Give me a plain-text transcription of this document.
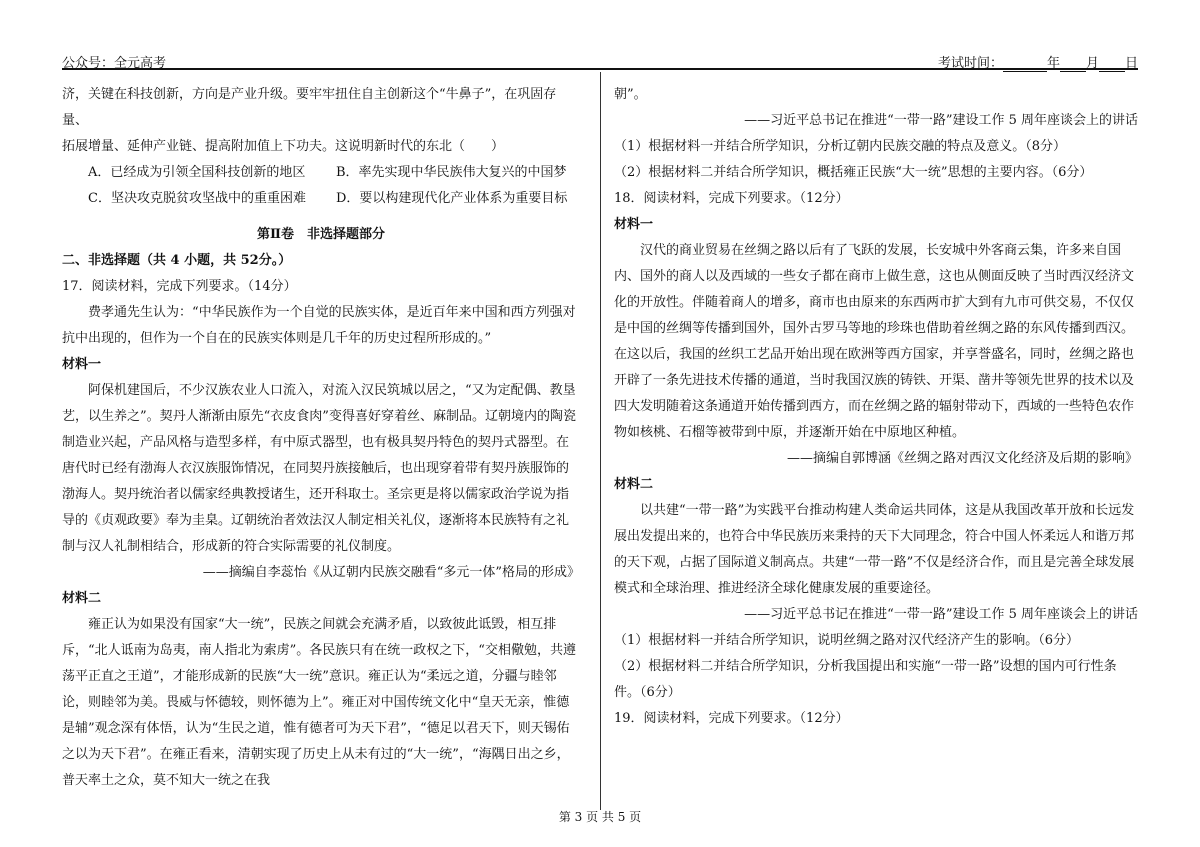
公众号：全元高考	考试时间：	年 月 日

济，关键在科技创新，方向是产业升级。要牢牢扭住自主创新这个“牛鼻子”，在巩固存量、

拓展增量、延伸产业链、提高附加值上下功夫。这说明新时代的东北（　　）

A．已经成为引领全国科技创新的地区	B．率先实现中华民族伟大复兴的中国梦
C．坚决攻克脱贫攻坚战中的重重困难	D．要以构建现代化产业体系为重要目标

第Ⅱ卷　非选择题部分

二、非选择题（共 4 小题，共 52分。）

17．阅读材料，完成下列要求。（14分）

费孝通先生认为：“中华民族作为一个自觉的民族实体，是近百年来中国和西方列强对抗中出现的，但作为一个自在的民族实体则是几千年的历史过程所形成的。”

材料一

阿保机建国后，不少汉族农业人口流入，对流入汉民筑城以居之，“又为定配偶、教垦艺，以生养之”。契丹人渐渐由原先“衣皮食肉”变得喜好穿着丝、麻制品。辽朝境内的陶瓷制造业兴起，产品风格与造型多样，有中原式器型，也有极具契丹特色的契丹式器型。在唐代时已经有渤海人衣汉族服饰情况，在同契丹族接触后，也出现穿着带有契丹族服饰的渤海人。契丹统治者以儒家经典教授诸生，还开科取士。圣宗更是将以儒家政治学说为指导的《贞观政要》奉为圭臬。辽朝统治者效法汉人制定相关礼仪，逐渐将本民族特有之礼制与汉人礼制相结合，形成新的符合实际需要的礼仪制度。

——摘编自李蕊怡《从辽朝内民族交融看“多元一体”格局的形成》

材料二

雍正认为如果没有国家“大一统”，民族之间就会充满矛盾，以致彼此诋毁，相互排斥，“北人诋南为岛夷，南人指北为索虏”。各民族只有在统一政权之下，“交相儆勉，共遵荡平正直之王道”，才能形成新的民族“大一统”意识。雍正认为“柔远之道，分疆与睦邻论，则睦邻为美。畏威与怀德较，则怀德为上”。雍正对中国传统文化中“皇天无亲，惟德是辅”观念深有体悟，认为“生民之道，惟有德者可为天下君”，“德足以君天下，则天锡佑之以为天下君”。在雍正看来，清朝实现了历史上从未有过的“大一统”，“海隅日出之乡，普天率土之众，莫不知大一统之在我

朝”。

——习近平总书记在推进“一带一路”建设工作 5 周年座谈会上的讲话

（1）根据材料一并结合所学知识，分析辽朝内民族交融的特点及意义。（8分）

（2）根据材料二并结合所学知识，概括雍正民族“大一统”思想的主要内容。（6分）

18．阅读材料，完成下列要求。（12分）

材料一

汉代的商业贸易在丝绸之路以后有了飞跃的发展，长安城中外客商云集，许多来自国内、国外的商人以及西域的一些女子都在商市上做生意，这也从侧面反映了当时西汉经济文化的开放性。伴随着商人的增多，商市也由原来的东西两市扩大到有九市可供交易，不仅仅是中国的丝绸等传播到国外，国外古罗马等地的珍珠也借助着丝绸之路的东风传播到西汉。在这以后，我国的丝织工艺品开始出现在欧洲等西方国家，并享誉盛名，同时，丝绸之路也开辟了一条先进技术传播的通道，当时我国汉族的铸铁、开渠、凿井等领先世界的技术以及四大发明随着这条通道开始传播到西方，而在丝绸之路的辐射带动下，西域的一些特色农作物如核桃、石榴等被带到中原，并逐渐开始在中原地区种植。

——摘编自郭博涵《丝绸之路对西汉文化经济及后期的影响》

材料二

以共建“一带一路”为实践平台推动构建人类命运共同体，这是从我国改革开放和长远发展出发提出来的，也符合中华民族历来秉持的天下大同理念，符合中国人怀柔远人和谐万邦的天下观，占据了国际道义制高点。共建“一带一路”不仅是经济合作，而且是完善全球发展模式和全球治理、推进经济全球化健康发展的重要途径。

——习近平总书记在推进“一带一路”建设工作 5 周年座谈会上的讲话

（1）根据材料一并结合所学知识，说明丝绸之路对汉代经济产生的影响。（6分）

（2）根据材料二并结合所学知识，分析我国提出和实施“一带一路”设想的国内可行性条件。（6分）

19．阅读材料，完成下列要求。（12分）

第 3 页 共 5 页
